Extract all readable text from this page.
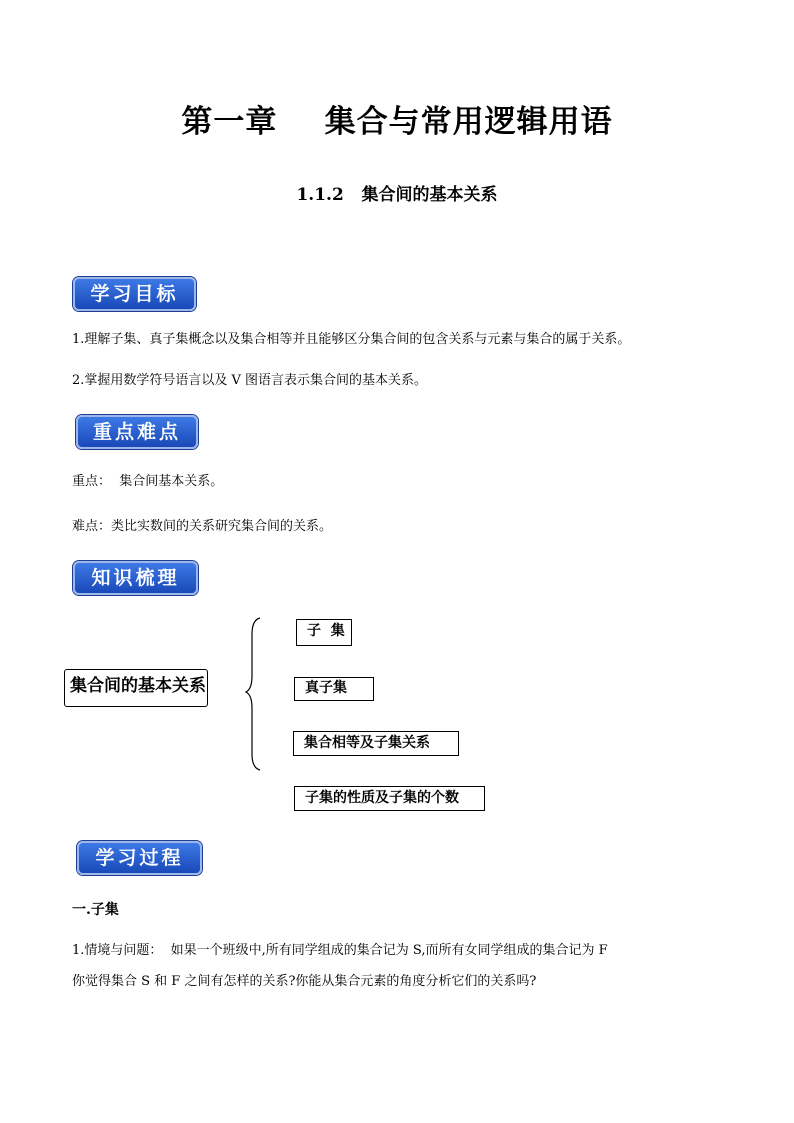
第一章    集合与常用逻辑用语
1.1.2   集合间的基本关系
学习目标
1.理解子集、真子集概念以及集合相等并且能够区分集合间的包含关系与元素与集合的属于关系。
2.掌握用数学符号语言以及 V 图语言表示集合间的基本关系。
重点难点
重点：  集合间基本关系。
难点：类比实数间的关系研究集合间的关系。
知识梳理
集合间的基本关系
子  集
真子集
集合相等及子集关系
子集的性质及子集的个数
学习过程
一.子集
1.情境与问题：  如果一个班级中,所有同学组成的集合记为 S,而所有女同学组成的集合记为 F
你觉得集合 S 和 F 之间有怎样的关系?你能从集合元素的角度分析它们的关系吗?
